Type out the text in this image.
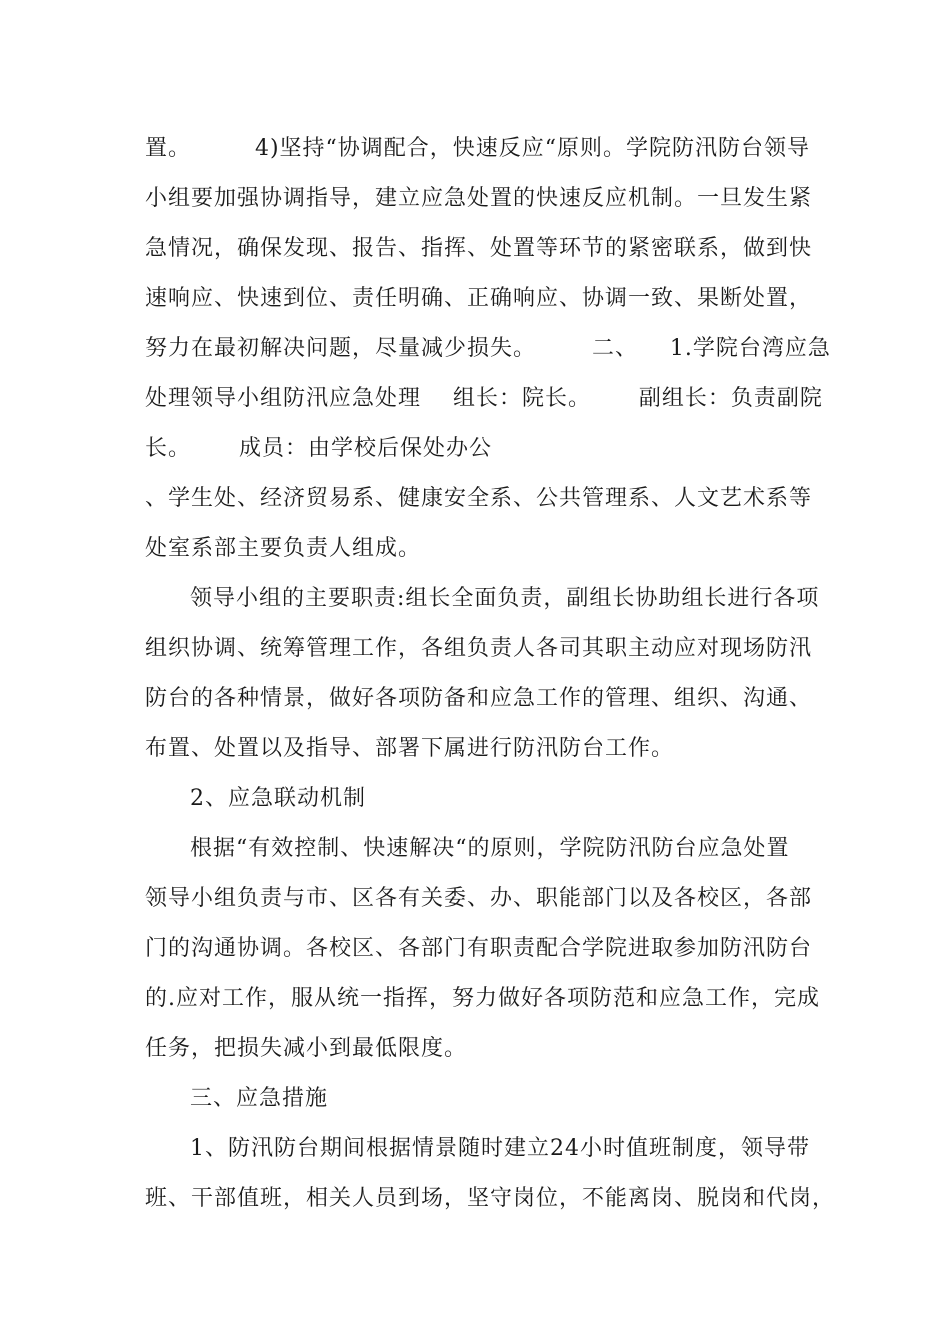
置。        4)坚持“协调配合，快速反应“原则。学院防汛防台领导
小组要加强协调指导，建立应急处置的快速反应机制。一旦发生紧
急情况，确保发现、报告、指挥、处置等环节的紧密联系，做到快
速响应、快速到位、责任明确、正确响应、协调一致、果断处置，
努力在最初解决问题，尽量减少损失。       二、    1.学院台湾应急
处理领导小组防汛应急处理    组长：院长。      副组长：负责副院
长。      成员：由学校后保处办公
、学生处、经济贸易系、健康安全系、公共管理系、人文艺术系等
处室系部主要负责人组成。
领导小组的主要职责:组长全面负责，副组长协助组长进行各项
组织协调、统筹管理工作，各组负责人各司其职主动应对现场防汛
防台的各种情景，做好各项防备和应急工作的管理、组织、沟通、
布置、处置以及指导、部署下属进行防汛防台工作。
2、应急联动机制
根据“有效控制、快速解决“的原则，学院防汛防台应急处置
领导小组负责与市、区各有关委、办、职能部门以及各校区，各部
门的沟通协调。各校区、各部门有职责配合学院进取参加防汛防台
的.应对工作，服从统一指挥，努力做好各项防范和应急工作，完成
任务，把损失减小到最低限度。
三、应急措施
1、防汛防台期间根据情景随时建立24小时值班制度，领导带
班、干部值班，相关人员到场，坚守岗位，不能离岗、脱岗和代岗，
